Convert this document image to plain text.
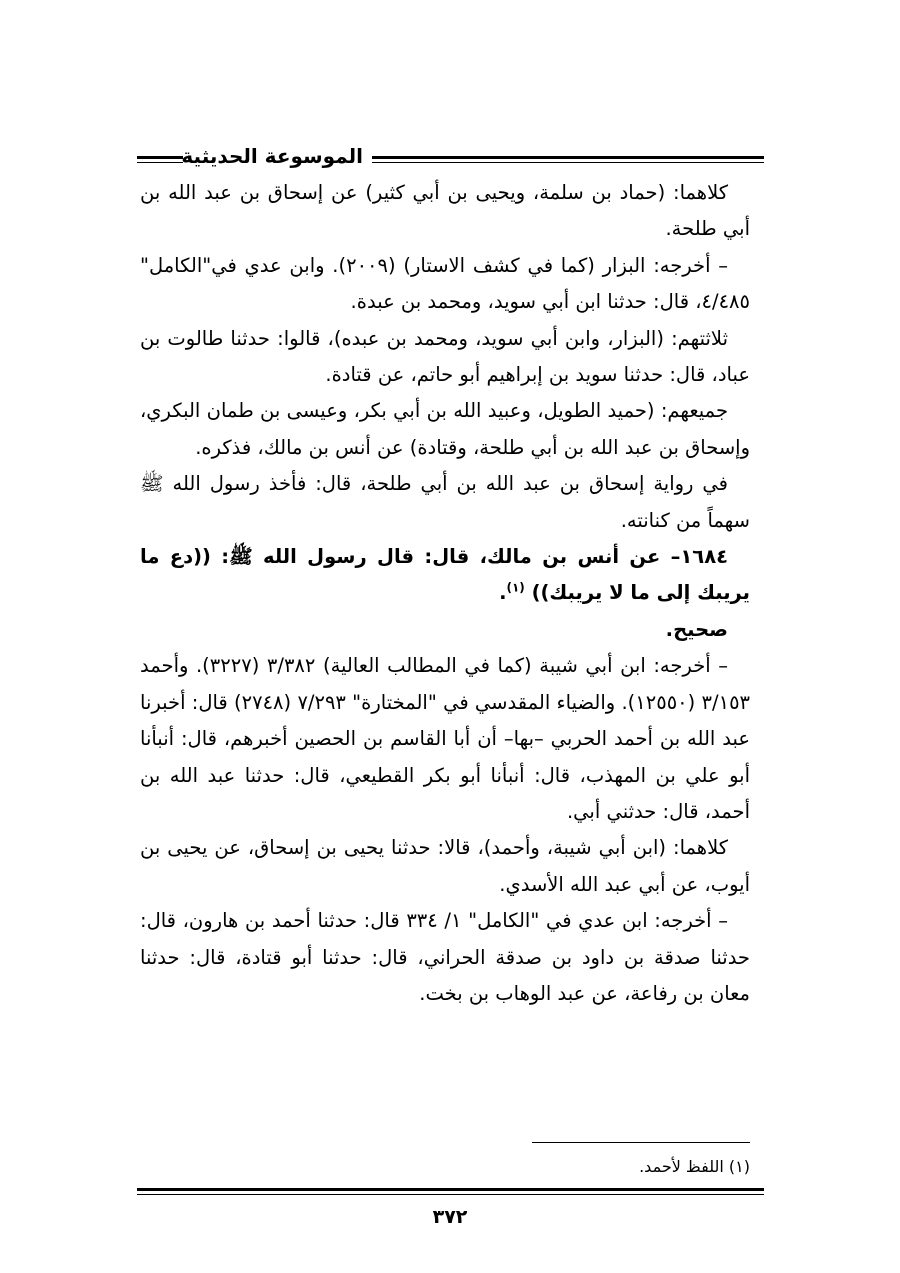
الموسوعة الحديثية

كلاهما: (حماد بن سلمة، ويحيى بن أبي كثير) عن إسحاق بن عبد الله بن أبي طلحة.

– أخرجه: البزار (كما في كشف الاستار) (٢٠٠٩). وابن عدي في"الكامل" ٤/٤٨٥، قال: حدثنا ابن أبي سويد، ومحمد بن عبدة.

ثلاثتهم: (البزار، وابن أبي سويد، ومحمد بن عبده)، قالوا: حدثنا طالوت بن عباد، قال: حدثنا سويد بن إبراهيم أبو حاتم، عن قتادة.

جميعهم: (حميد الطويل، وعبيد الله بن أبي بكر، وعيسى بن طمان البكري، وإسحاق بن عبد الله بن أبي طلحة، وقتادة) عن أنس بن مالك، فذكره.

في رواية إسحاق بن عبد الله بن أبي طلحة، قال: فأخذ رسول الله ﷺ سهماً من كنانته.

١٦٨٤– عن أنس بن مالك، قال: قال رسول الله ﷺ: ((دع ما يريبك إلى ما لا يريبك)) $^{(١)}$.

صحيح.

– أخرجه: ابن أبي شيبة (كما في المطالب العالية) ٣/٣٨٢ (٣٢٢٧). وأحمد ٣/١٥٣ (١٢٥٥٠). والضياء المقدسي في "المختارة" ٧/٢٩٣ (٢٧٤٨) قال: أخبرنا عبد الله بن أحمد الحربي –بها– أن أبا القاسم بن الحصين أخبرهم، قال: أنبأنا أبو علي بن المهذب، قال: أنبأنا أبو بكر القطيعي، قال: حدثنا عبد الله بن أحمد، قال: حدثني أبي.

كلاهما: (ابن أبي شيبة، وأحمد)، قالا: حدثنا يحيى بن إسحاق، عن يحيى بن أيوب، عن أبي عبد الله الأسدي.

– أخرجه: ابن عدي في "الكامل" ١/ ٣٣٤ قال: حدثنا أحمد بن هارون، قال: حدثنا صدقة بن داود بن صدقة الحراني، قال: حدثنا أبو قتادة، قال: حدثنا معان بن رفاعة، عن عبد الوهاب بن بخت.

(١) اللفظ لأحمد.
٣٧٢
